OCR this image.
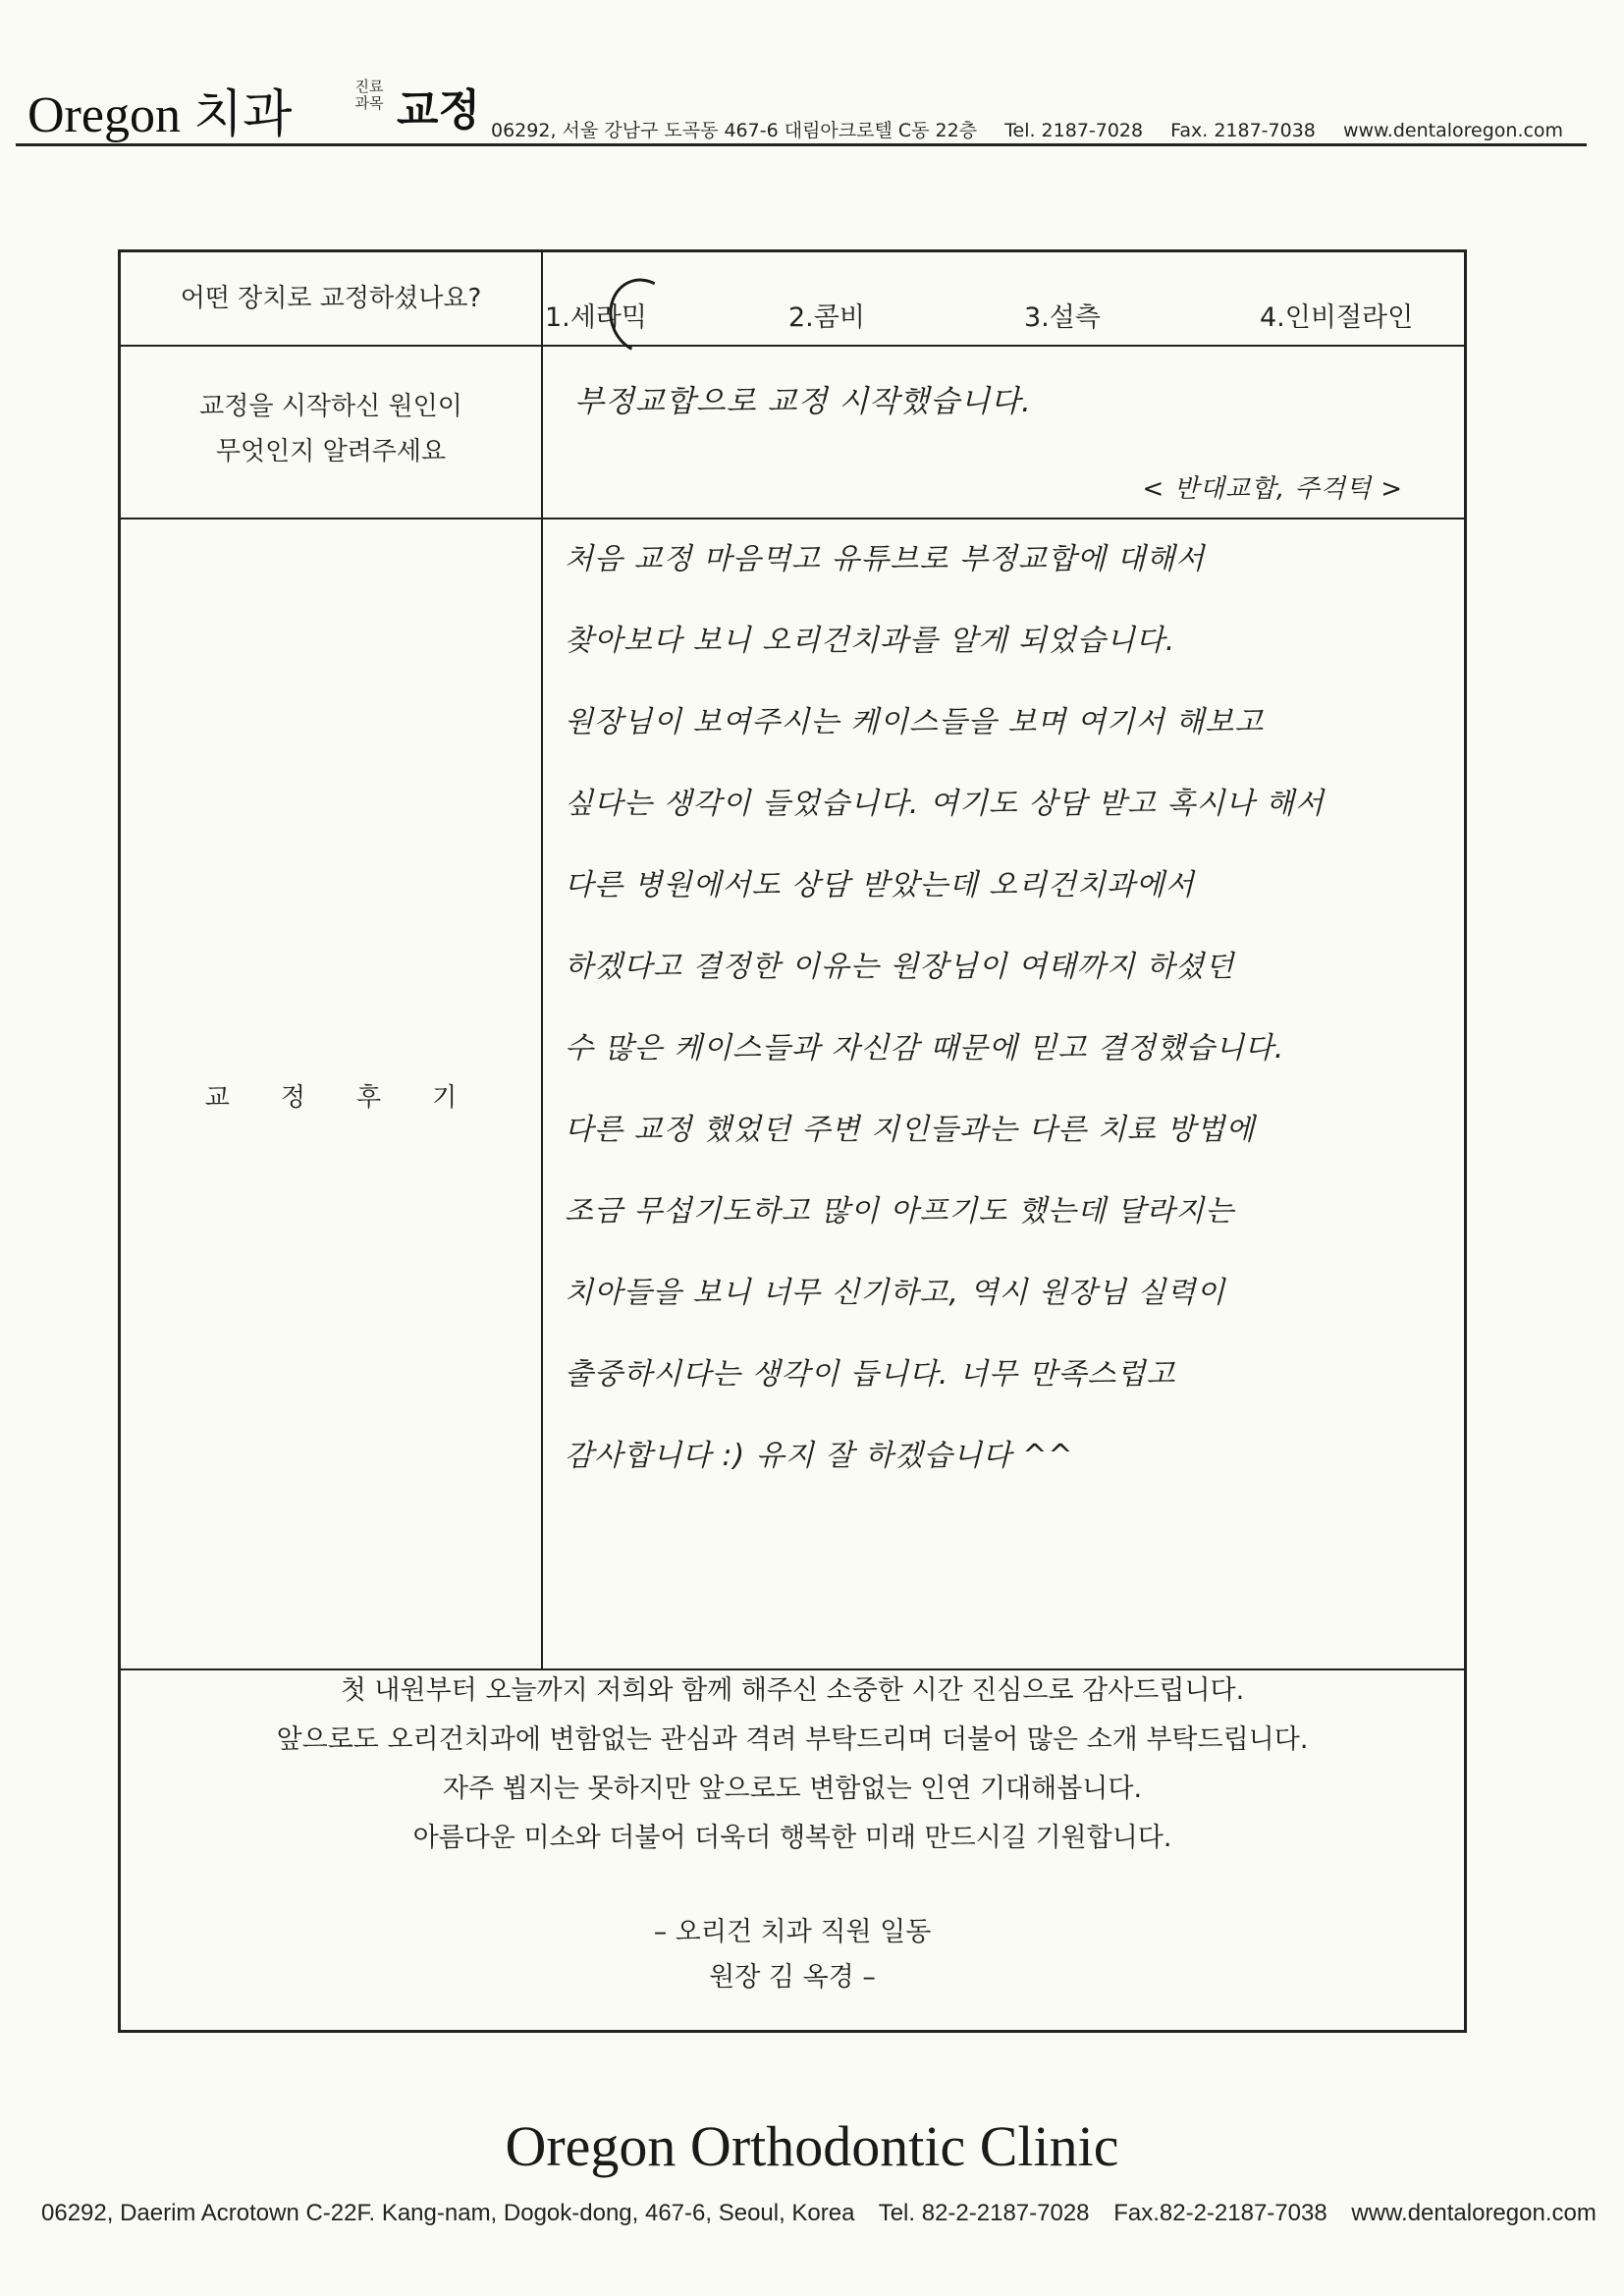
Oregon 치과
진료
과목 교정 06292, 서울 강남구 도곡동 467-6 대림아크로텔 C동 22층 Tel. 2187-7028 Fax. 2187-7038 www.dentaloregon.com
어떤 장치로 교정하셨나요?
1.세라믹	2.콤비	3.설측	4.인비절라인
교정을 시작하신 원인이
무엇인지 알려주세요
부정교합으로 교정 시작했습니다.
< 반대교합, 주걱턱 >
교　　정　　후　　기
처음 교정 마음먹고 유튜브로 부정교합에 대해서
찾아보다 보니 오리건치과를 알게 되었습니다.
원장님이 보여주시는 케이스들을 보며 여기서 해보고
싶다는 생각이 들었습니다. 여기도 상담 받고 혹시나 해서
다른 병원에서도 상담 받았는데 오리건치과에서
하겠다고 결정한 이유는 원장님이 여태까지 하셨던
수 많은 케이스들과 자신감 때문에 믿고 결정했습니다.
다른 교정 했었던 주변 지인들과는 다른 치료 방법에
조금 무섭기도하고 많이 아프기도 했는데 달라지는
치아들을 보니 너무 신기하고, 역시 원장님 실력이
출중하시다는 생각이 듭니다. 너무 만족스럽고
감사합니다 :) 유지 잘 하겠습니다 ^^
첫 내원부터 오늘까지 저희와 함께 해주신 소중한 시간 진심으로 감사드립니다.
앞으로도 오리건치과에 변함없는 관심과 격려 부탁드리며 더불어 많은 소개 부탁드립니다.
자주 뵙지는 못하지만 앞으로도 변함없는 인연 기대해봅니다.
아름다운 미소와 더불어 더욱더 행복한 미래 만드시길 기원합니다.
– 오리건 치과 직원 일동
원장 김 옥경 –
Oregon Orthodontic Clinic
06292, Daerim Acrotown C-22F. Kang-nam, Dogok-dong, 467-6, Seoul, Korea Tel. 82-2-2187-7028 Fax.82-2-2187-7038 www.dentaloregon.com
